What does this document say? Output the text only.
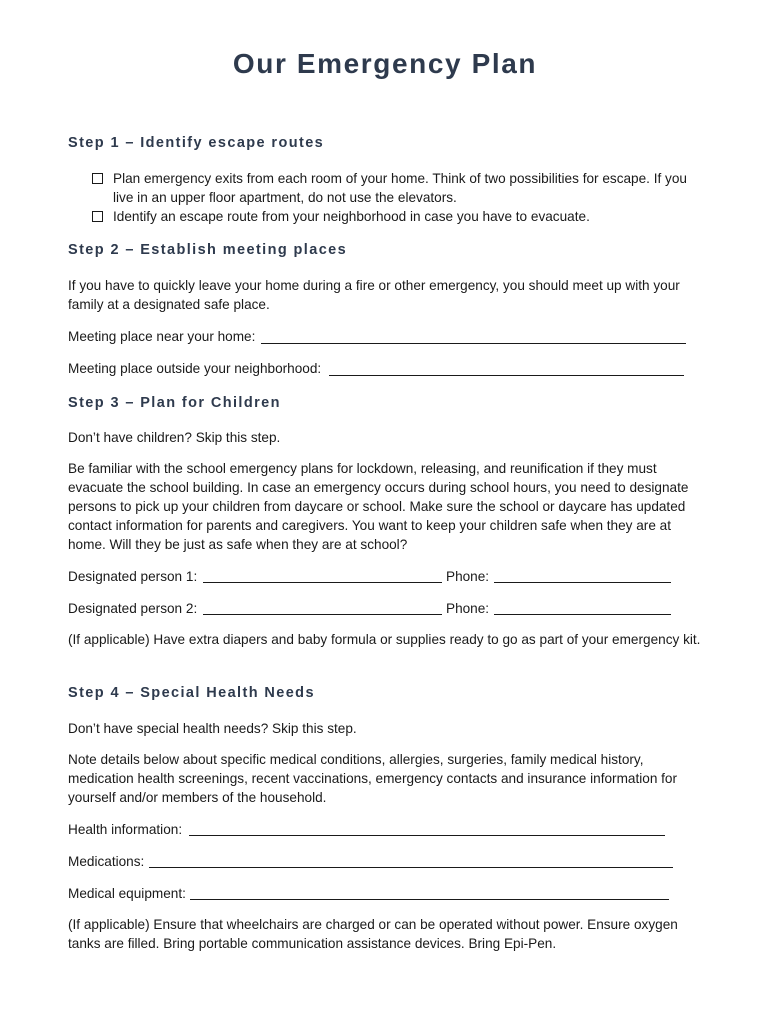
Our Emergency Plan
Step 1 – Identify escape routes
Plan emergency exits from each room of your home. Think of two possibilities for escape. If you live in an upper floor apartment, do not use the elevators.
Identify an escape route from your neighborhood in case you have to evacuate.
Step 2 – Establish meeting places
If you have to quickly leave your home during a fire or other emergency, you should meet up with your family at a designated safe place.
Meeting place near your home:
Meeting place outside your neighborhood:
Step 3 – Plan for Children
Don’t have children? Skip this step.
Be familiar with the school emergency plans for lockdown, releasing, and reunification if they must evacuate the school building. In case an emergency occurs during school hours, you need to designate persons to pick up your children from daycare or school. Make sure the school or daycare has updated contact information for parents and caregivers. You want to keep your children safe when they are at home. Will they be just as safe when they are at school?
Designated person 1:	Phone:
Designated person 2:	Phone:
(If applicable) Have extra diapers and baby formula or supplies ready to go as part of your emergency kit.
Step 4 – Special Health Needs
Don’t have special health needs? Skip this step.
Note details below about specific medical conditions, allergies, surgeries, family medical history, medication health screenings, recent vaccinations, emergency contacts and insurance information for yourself and/or members of the household.
Health information:
Medications:
Medical equipment:
(If applicable) Ensure that wheelchairs are charged or can be operated without power. Ensure oxygen tanks are filled. Bring portable communication assistance devices. Bring Epi-Pen.
